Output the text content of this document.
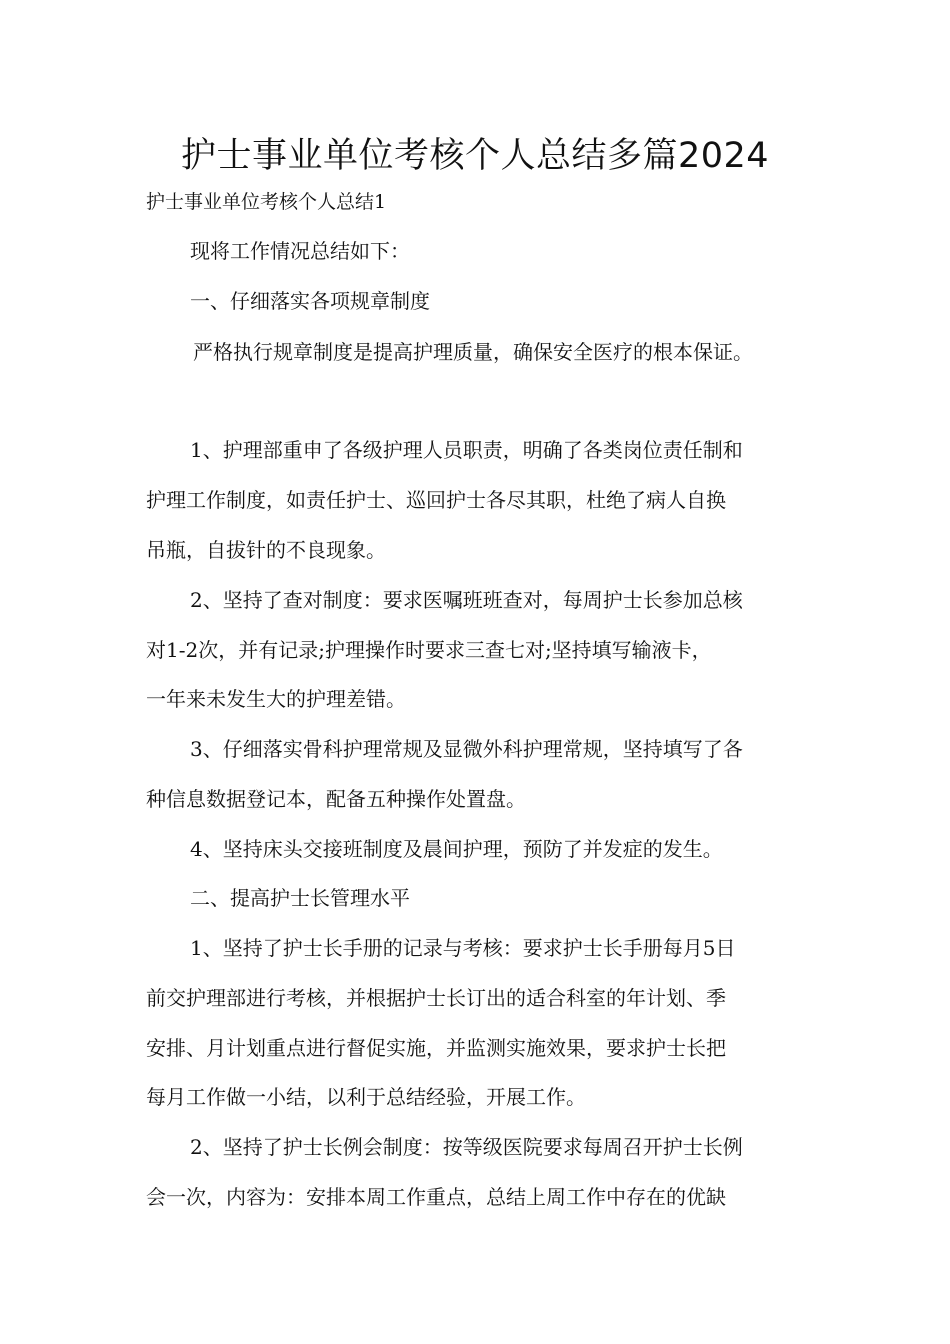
护士事业单位考核个人总结多篇2024
护士事业单位考核个人总结1
现将工作情况总结如下：
一、仔细落实各项规章制度
严格执行规章制度是提高护理质量，确保安全医疗的根本保证。
1、护理部重申了各级护理人员职责，明确了各类岗位责任制和
护理工作制度，如责任护士、巡回护士各尽其职，杜绝了病人自换
吊瓶，自拔针的不良现象。
2、坚持了查对制度：要求医嘱班班查对，每周护士长参加总核
对1-2次，并有记录;护理操作时要求三查七对;坚持填写输液卡，
一年来未发生大的护理差错。
3、仔细落实骨科护理常规及显微外科护理常规，坚持填写了各
种信息数据登记本，配备五种操作处置盘。
4、坚持床头交接班制度及晨间护理，预防了并发症的发生。
二、提高护士长管理水平
1、坚持了护士长手册的记录与考核：要求护士长手册每月5日
前交护理部进行考核，并根据护士长订出的适合科室的年计划、季
安排、月计划重点进行督促实施，并监测实施效果，要求护士长把
每月工作做一小结，以利于总结经验，开展工作。
2、坚持了护士长例会制度：按等级医院要求每周召开护士长例
会一次，内容为：安排本周工作重点，总结上周工作中存在的优缺
